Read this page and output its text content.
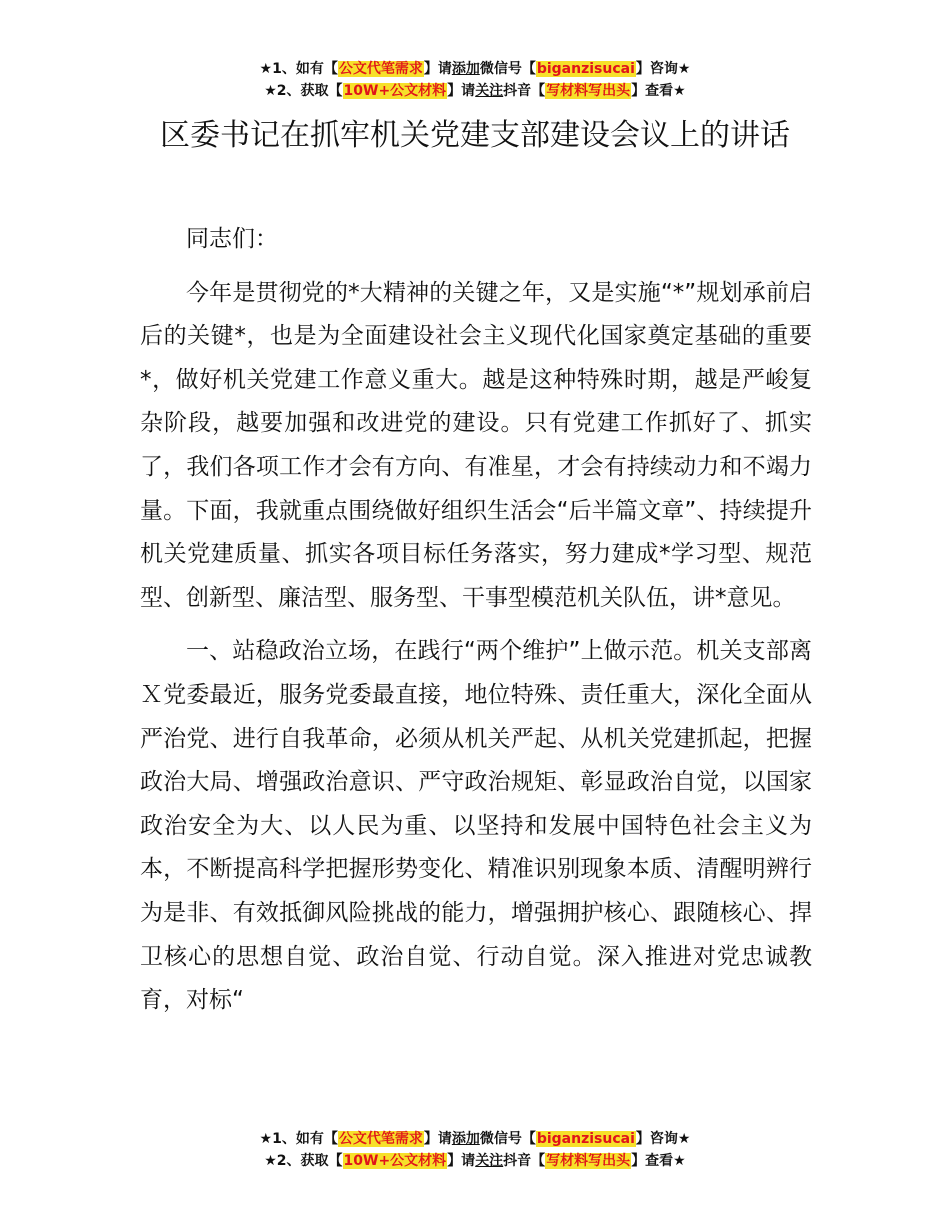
★1、如有【公文代笔需求】请添加微信号【biganzisucai】咨询★
★2、获取【10W+公文材料】请关注抖音【写材料写出头】查看★
区委书记在抓牢机关党建支部建设会议上的讲话

同志们：

今年是贯彻党的*大精神的关键之年，又是实施“*”规划承前启后的关键*，也是为全面建设社会主义现代化国家奠定基础的重要*，做好机关党建工作意义重大。越是这种特殊时期，越是严峻复杂阶段，越要加强和改进党的建设。只有党建工作抓好了、抓实了，我们各项工作才会有方向、有准星，才会有持续动力和不竭力量。下面，我就重点围绕做好组织生活会“后半篇文章”、持续提升机关党建质量、抓实各项目标任务落实，努力建成*学习型、规范型、创新型、廉洁型、服务型、干事型模范机关队伍，讲*意见。

一、站稳政治立场，在践行“两个维护”上做示范。机关支部离Ｘ党委最近，服务党委最直接，地位特殊、责任重大，深化全面从严治党、进行自我革命，必须从机关严起、从机关党建抓起，把握政治大局、增强政治意识、严守政治规矩、彰显政治自觉，以国家政治安全为大、以人民为重、以坚持和发展中国特色社会主义为本，不断提高科学把握形势变化、精准识别现象本质、清醒明辨行为是非、有效抵御风险挑战的能力，增强拥护核心、跟随核心、捍卫核心的思想自觉、政治自觉、行动自觉。深入推进对党忠诚教育，对标“

★1、如有【公文代笔需求】请添加微信号【biganzisucai】咨询★
★2、获取【10W+公文材料】请关注抖音【写材料写出头】查看★
